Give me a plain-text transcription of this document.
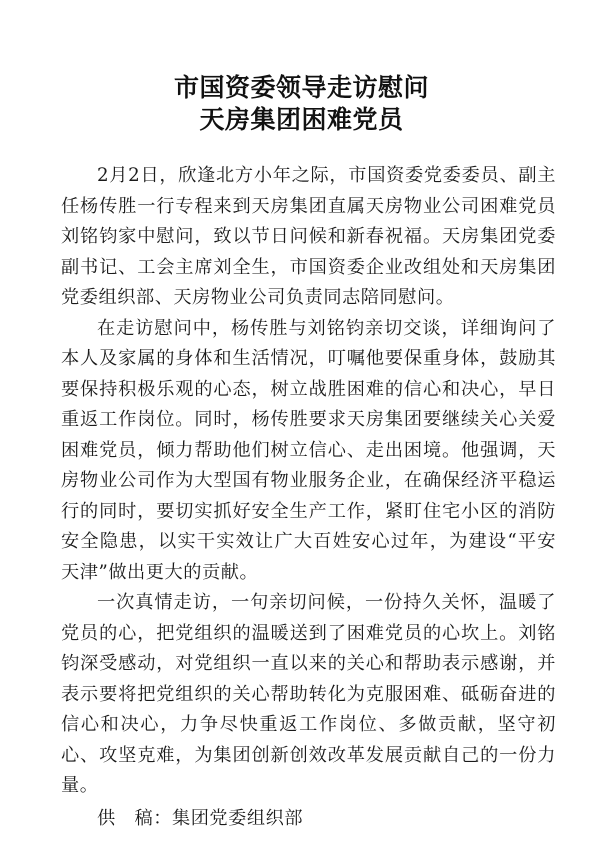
市国资委领导走访慰问
天房集团困难党员

2月2日，欣逢北方小年之际，市国资委党委委员、副主任杨传胜一行专程来到天房集团直属天房物业公司困难党员刘铭钧家中慰问，致以节日问候和新春祝福。天房集团党委副书记、工会主席刘全生，市国资委企业改组处和天房集团党委组织部、天房物业公司负责同志陪同慰问。

在走访慰问中，杨传胜与刘铭钧亲切交谈，详细询问了本人及家属的身体和生活情况，叮嘱他要保重身体，鼓励其要保持积极乐观的心态，树立战胜困难的信心和决心，早日重返工作岗位。同时，杨传胜要求天房集团要继续关心关爱困难党员，倾力帮助他们树立信心、走出困境。他强调，天房物业公司作为大型国有物业服务企业，在确保经济平稳运行的同时，要切实抓好安全生产工作，紧盯住宅小区的消防安全隐患，以实干实效让广大百姓安心过年，为建设“平安天津”做出更大的贡献。

一次真情走访，一句亲切问候，一份持久关怀，温暖了党员的心，把党组织的温暖送到了困难党员的心坎上。刘铭钧深受感动，对党组织一直以来的关心和帮助表示感谢，并表示要将把党组织的关心帮助转化为克服困难、砥砺奋进的信心和决心，力争尽快重返工作岗位、多做贡献，坚守初心、攻坚克难，为集团创新创效改革发展贡献自己的一份力量。

供　稿：集团党委组织部
